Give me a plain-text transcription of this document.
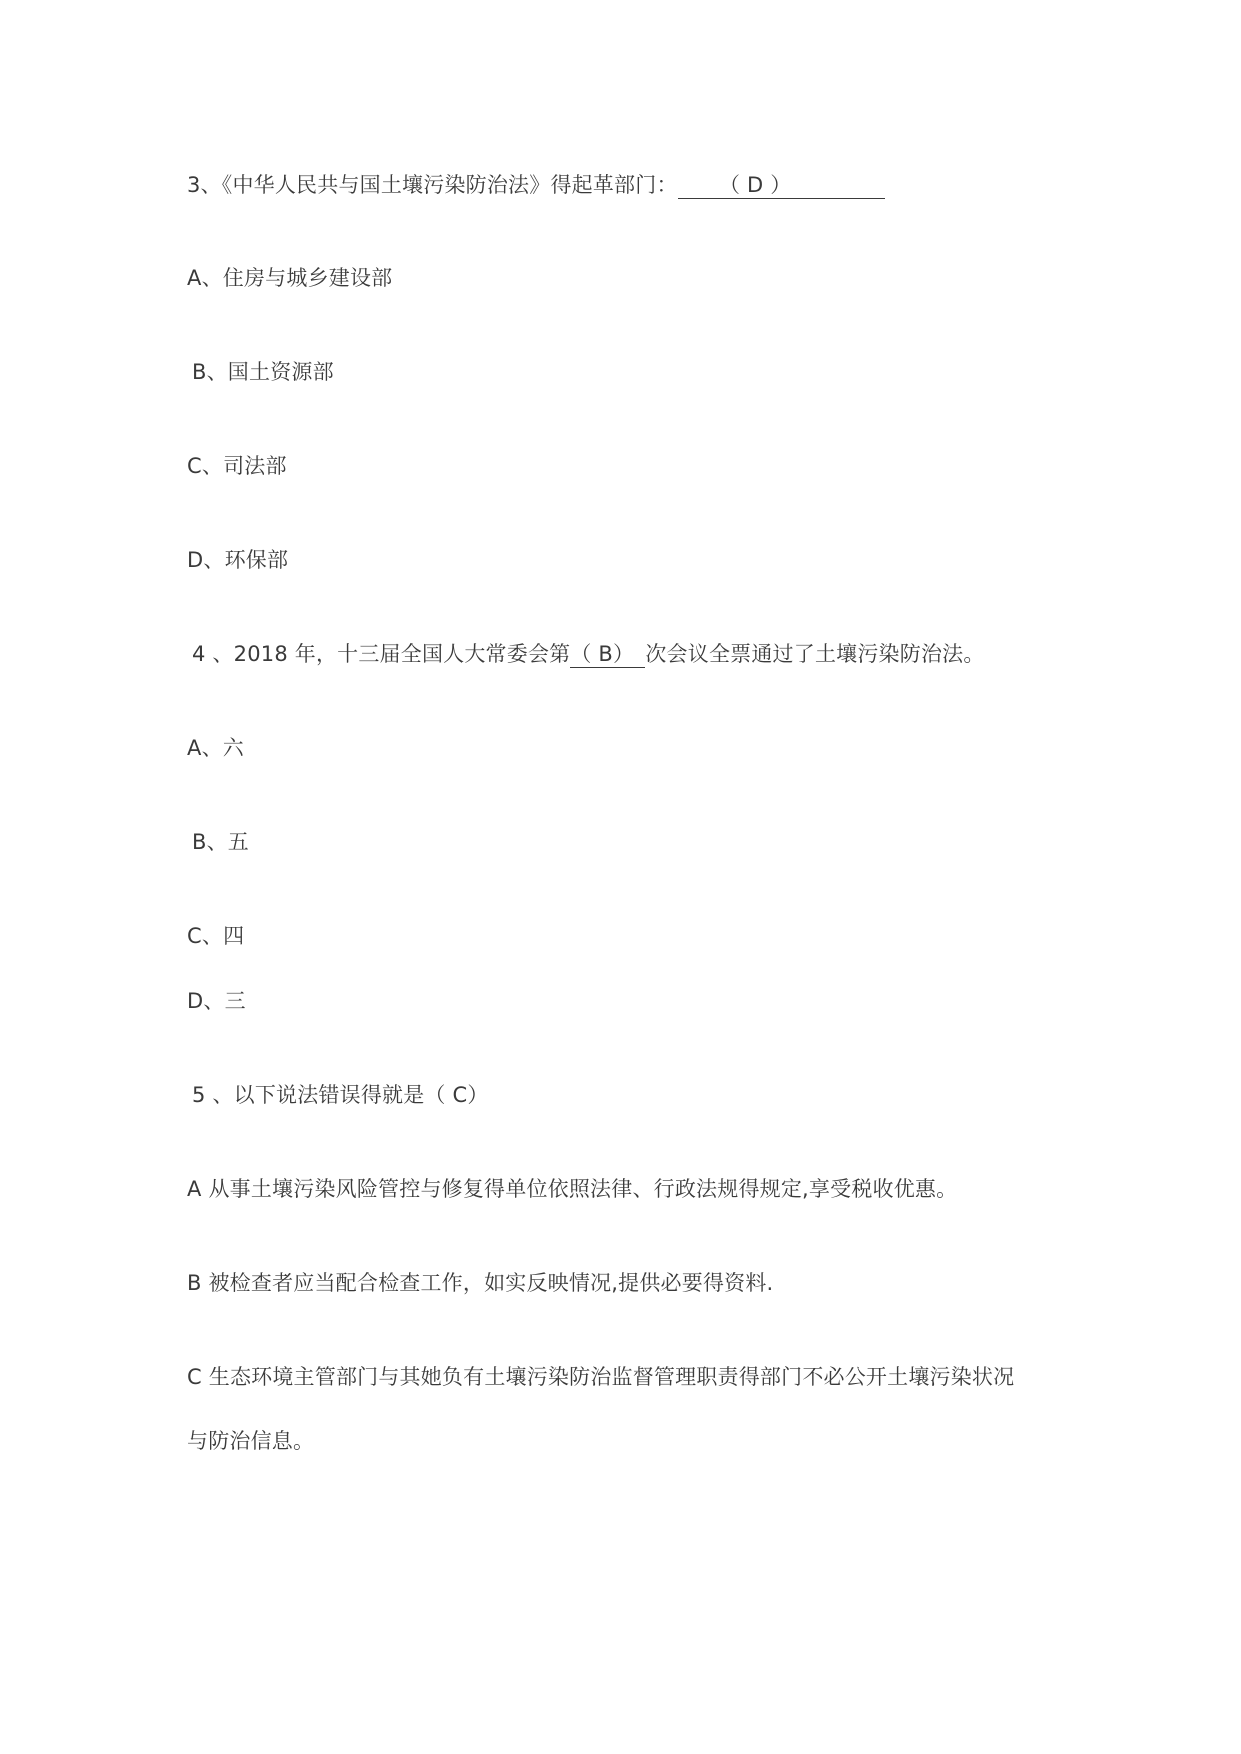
3、《中华人民共与国土壤污染防治法》得起革部门： （ D ）
A、住房与城乡建设部
B、国土资源部
C、司法部
D、环保部
4 、2018 年，十三届全国人大常委会第（ B） 次会议全票通过了土壤污染防治法。
A、六
B、五
C、四
D、三
5 、以下说法错误得就是（ C）
A 从事土壤污染风险管控与修复得单位依照法律、行政法规得规定,享受税收优惠。
B 被检查者应当配合检查工作，如实反映情况,提供必要得资料.
C 生态环境主管部门与其她负有土壤污染防治监督管理职责得部门不必公开土壤污染状况
与防治信息。
